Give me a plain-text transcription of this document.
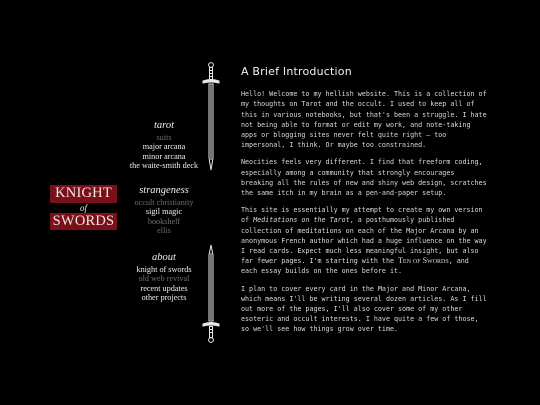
KNIGHT
of
SWORDS
tarot
suits
major arcana
minor arcana
the waite-smith deck
strangeness
occult christianity
sigil magic
bookshelf
ellis
about
knight of swords
old web revival
recent updates
other projects
A Brief Introduction

Hello! Welcome to my hellish website. This is a collection of my thoughts on Tarot and the occult. I used to keep all of this in various notebooks, but that's been a struggle. I hate not being able to format or edit my work, and note-taking apps or blogging sites never felt quite right — too impersonal, I think. Or maybe too constrained.

Neocities feels very different. I find that freeform coding, especially among a community that strongly encourages breaking all the rules of new and shiny web design, scratches the same itch in my brain as a pen-and-paper setup.

This site is essentially my attempt to create my own version of Meditations on the Tarot, a posthumously published collection of meditations on each of the Major Arcana by an anonymous French author which had a huge influence on the way I read cards. Expect much less meaningful insight, but also far fewer pages. I'm starting with the Ten of Swords, and each essay builds on the ones before it.

I plan to cover every card in the Major and Minor Arcana, which means I'll be writing several dozen articles. As I fill out more of the pages, I'll also cover some of my other esoteric and occult interests. I have quite a few of those, so we'll see how things grow over time.
